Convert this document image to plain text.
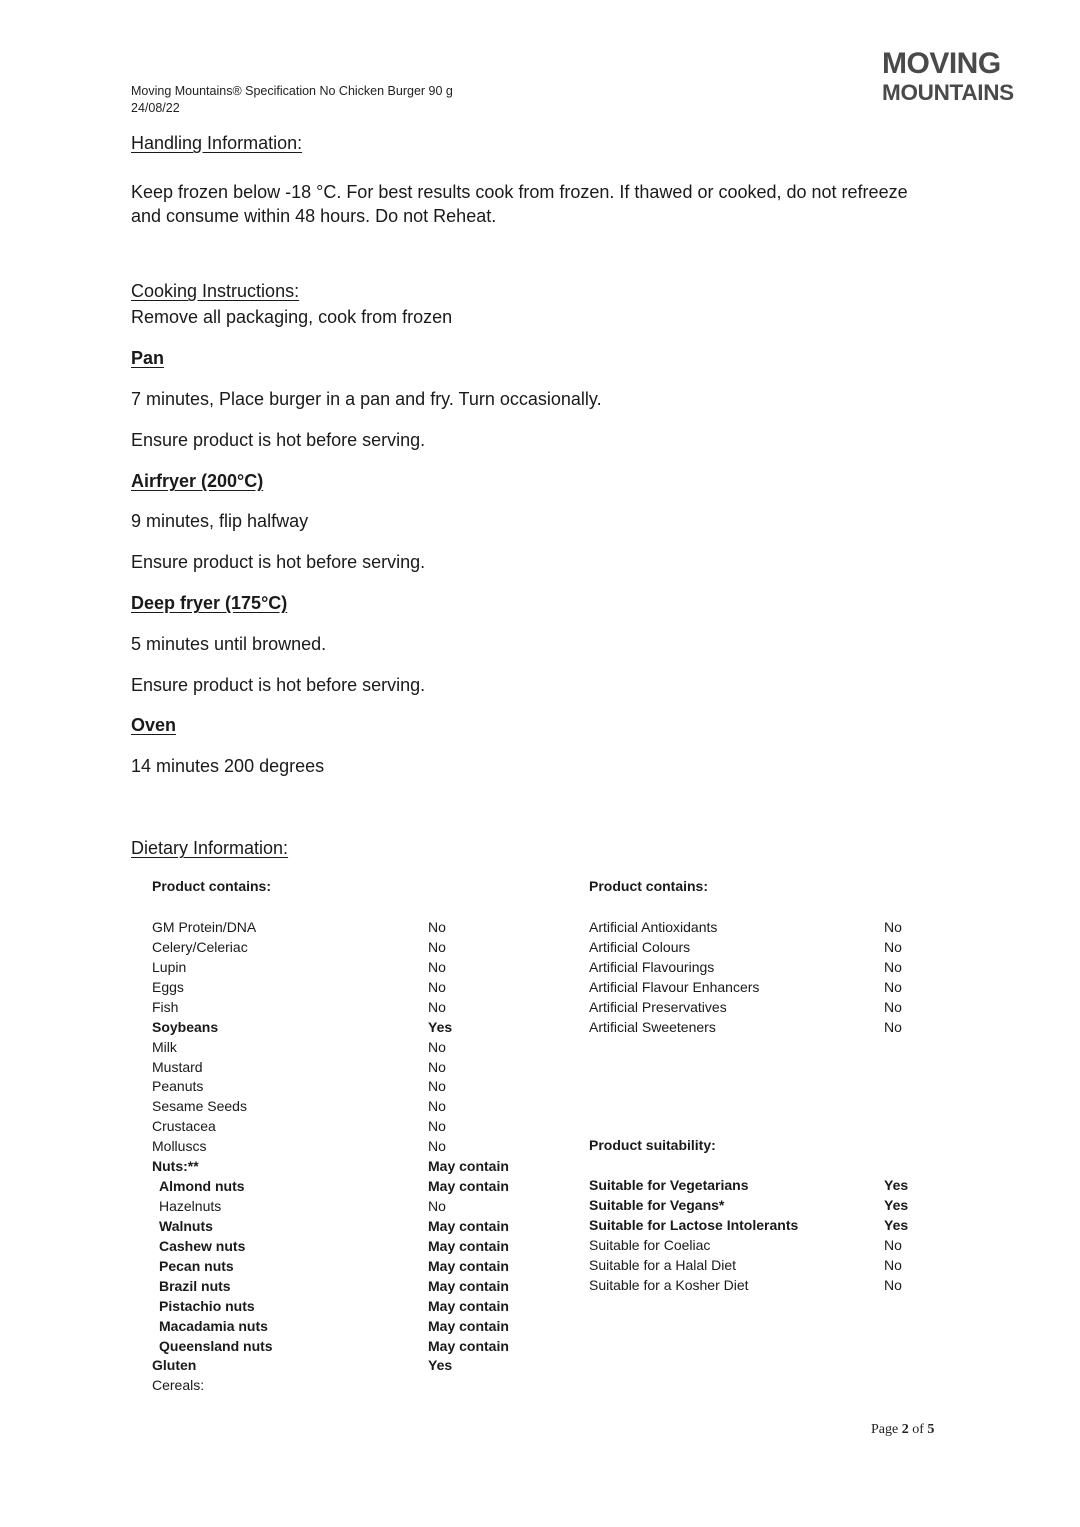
Moving Mountains® Specification No Chicken Burger 90 g
24/08/22
MOVING
MOUNTAINS
Handling Information:
Keep frozen below -18 °C. For best results cook from frozen. If thawed or cooked, do not refreeze
and consume within 48 hours. Do not Reheat.
Cooking Instructions:
Remove all packaging, cook from frozen
Pan
7 minutes, Place burger in a pan and fry. Turn occasionally.
Ensure product is hot before serving.
Airfryer (200°C)
9 minutes, flip halfway
Ensure product is hot before serving.
Deep fryer (175°C)
5 minutes until browned.
Ensure product is hot before serving.
Oven
14 minutes 200 degrees
Dietary Information:
Product contains:	Product contains:
Product suitability:
GM Protein/DNA	No
Celery/Celeriac	No
Lupin	No
Eggs	No
Fish	No
Soybeans	Yes
Milk	No
Mustard	No
Peanuts	No
Sesame Seeds	No
Crustacea	No
Molluscs	No
Nuts:**	May contain
Almond nuts	May contain
Hazelnuts	No
Walnuts	May contain
Cashew nuts	May contain
Pecan nuts	May contain
Brazil nuts	May contain
Pistachio nuts	May contain
Macadamia nuts	May contain
Queensland nuts	May contain
Gluten	Yes
Cereals:
Artificial Antioxidants	No
Artificial Colours	No
Artificial Flavourings	No
Artificial Flavour Enhancers	No
Artificial Preservatives	No
Artificial Sweeteners	No
Suitable for Vegetarians	Yes
Suitable for Vegans*	Yes
Suitable for Lactose Intolerants	Yes
Suitable for Coeliac	No
Suitable for a Halal Diet	No
Suitable for a Kosher Diet	No
Page 2 of 5
